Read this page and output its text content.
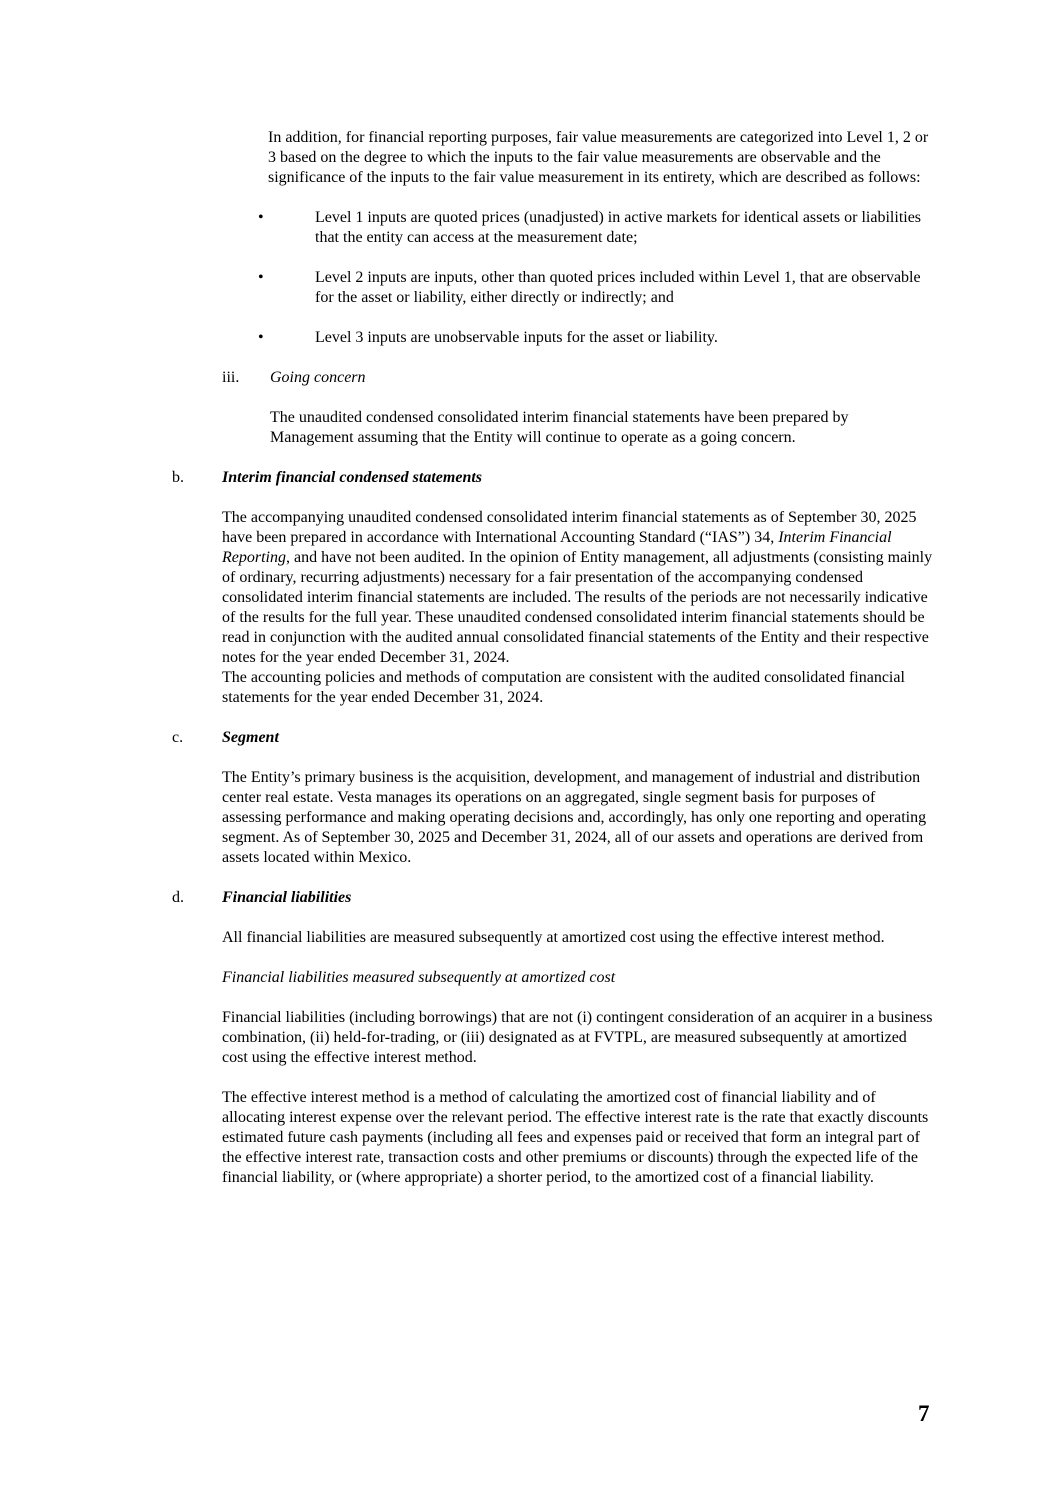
In addition, for financial reporting purposes, fair value measurements are categorized into Level 1, 2 or 3 based on the degree to which the inputs to the fair value measurements are observable and the significance of the inputs to the fair value measurement in its entirety, which are described as follows:

•	Level 1 inputs are quoted prices (unadjusted) in active markets for identical assets or liabilities that the entity can access at the measurement date;
•	Level 2 inputs are inputs, other than quoted prices included within Level 1, that are observable for the asset or liability, either directly or indirectly; and
•	Level 3 inputs are unobservable inputs for the asset or liability.
iii.	Going concern

The unaudited condensed consolidated interim financial statements have been prepared by Management assuming that the Entity will continue to operate as a going concern.

b.	Interim financial condensed statements

The accompanying unaudited condensed consolidated interim financial statements as of September 30, 2025 have been prepared in accordance with International Accounting Standard (“IAS”) 34, Interim Financial Reporting, and have not been audited. In the opinion of Entity management, all adjustments (consisting mainly of ordinary, recurring adjustments) necessary for a fair presentation of the accompanying condensed consolidated interim financial statements are included. The results of the periods are not necessarily indicative of the results for the full year. These unaudited condensed consolidated interim financial statements should be read in conjunction with the audited annual consolidated financial statements of the Entity and their respective notes for the year ended December 31, 2024.

The accounting policies and methods of computation are consistent with the audited consolidated financial statements for the year ended December 31, 2024.

c.	Segment

The Entity’s primary business is the acquisition, development, and management of industrial and distribution center real estate. Vesta manages its operations on an aggregated, single segment basis for purposes of assessing performance and making operating decisions and, accordingly, has only one reporting and operating segment. As of September 30, 2025 and December 31, 2024, all of our assets and operations are derived from assets located within Mexico.

d.	Financial liabilities

All financial liabilities are measured subsequently at amortized cost using the effective interest method.

Financial liabilities measured subsequently at amortized cost

Financial liabilities (including borrowings) that are not (i) contingent consideration of an acquirer in a business combination, (ii) held-for-trading, or (iii) designated as at FVTPL, are measured subsequently at amortized cost using the effective interest method.

The effective interest method is a method of calculating the amortized cost of financial liability and of allocating interest expense over the relevant period. The effective interest rate is the rate that exactly discounts estimated future cash payments (including all fees and expenses paid or received that form an integral part of the effective interest rate, transaction costs and other premiums or discounts) through the expected life of the financial liability, or (where appropriate) a shorter period, to the amortized cost of a financial liability.

7
